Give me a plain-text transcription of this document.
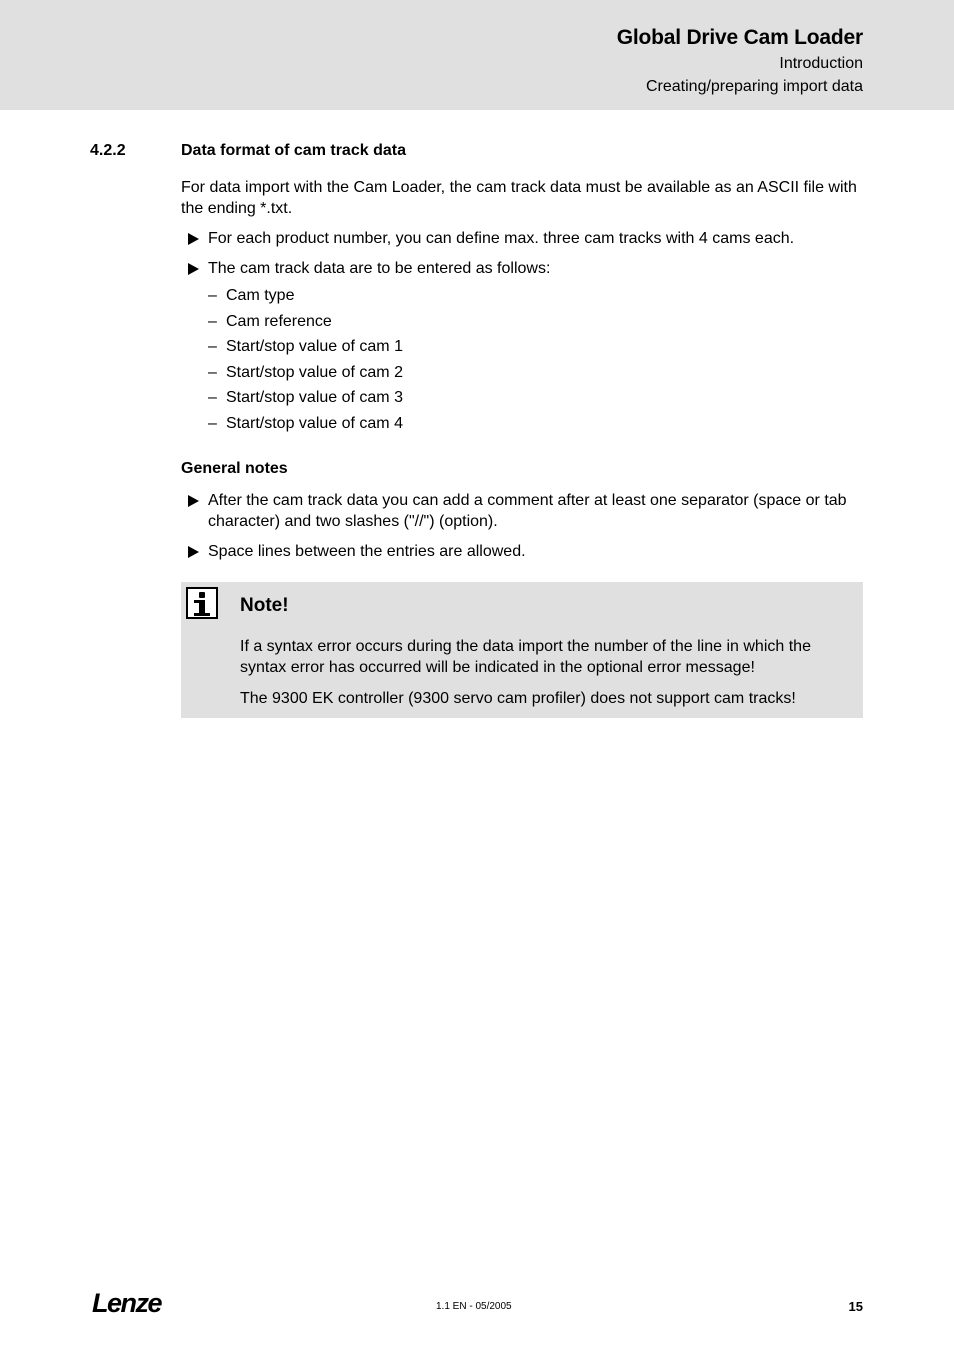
Global Drive Cam Loader
Introduction
Creating/preparing import data
4.2.2	Data format of cam track data

For data import with the Cam Loader, the cam track data must be available as an ASCII file with the ending *.txt.

For each product number, you can define max. three cam tracks with 4 cams each.

The cam track data are to be entered as follows:

– Cam type
– Cam reference
– Start/stop value of cam 1
– Start/stop value of cam 2
– Start/stop value of cam 3
– Start/stop value of cam 4

General notes

After the cam track data you can add a comment after at least one separator (space or tab character) and two slashes ("//") (option).

Space lines between the entries are allowed.

Note!

If a syntax error occurs during the data import the number of the line in which the syntax error has occurred will be indicated in the optional error message!

The 9300 EK controller (9300 servo cam profiler) does not support cam tracks!

Lenze	1.1 EN - 05/2005	15
